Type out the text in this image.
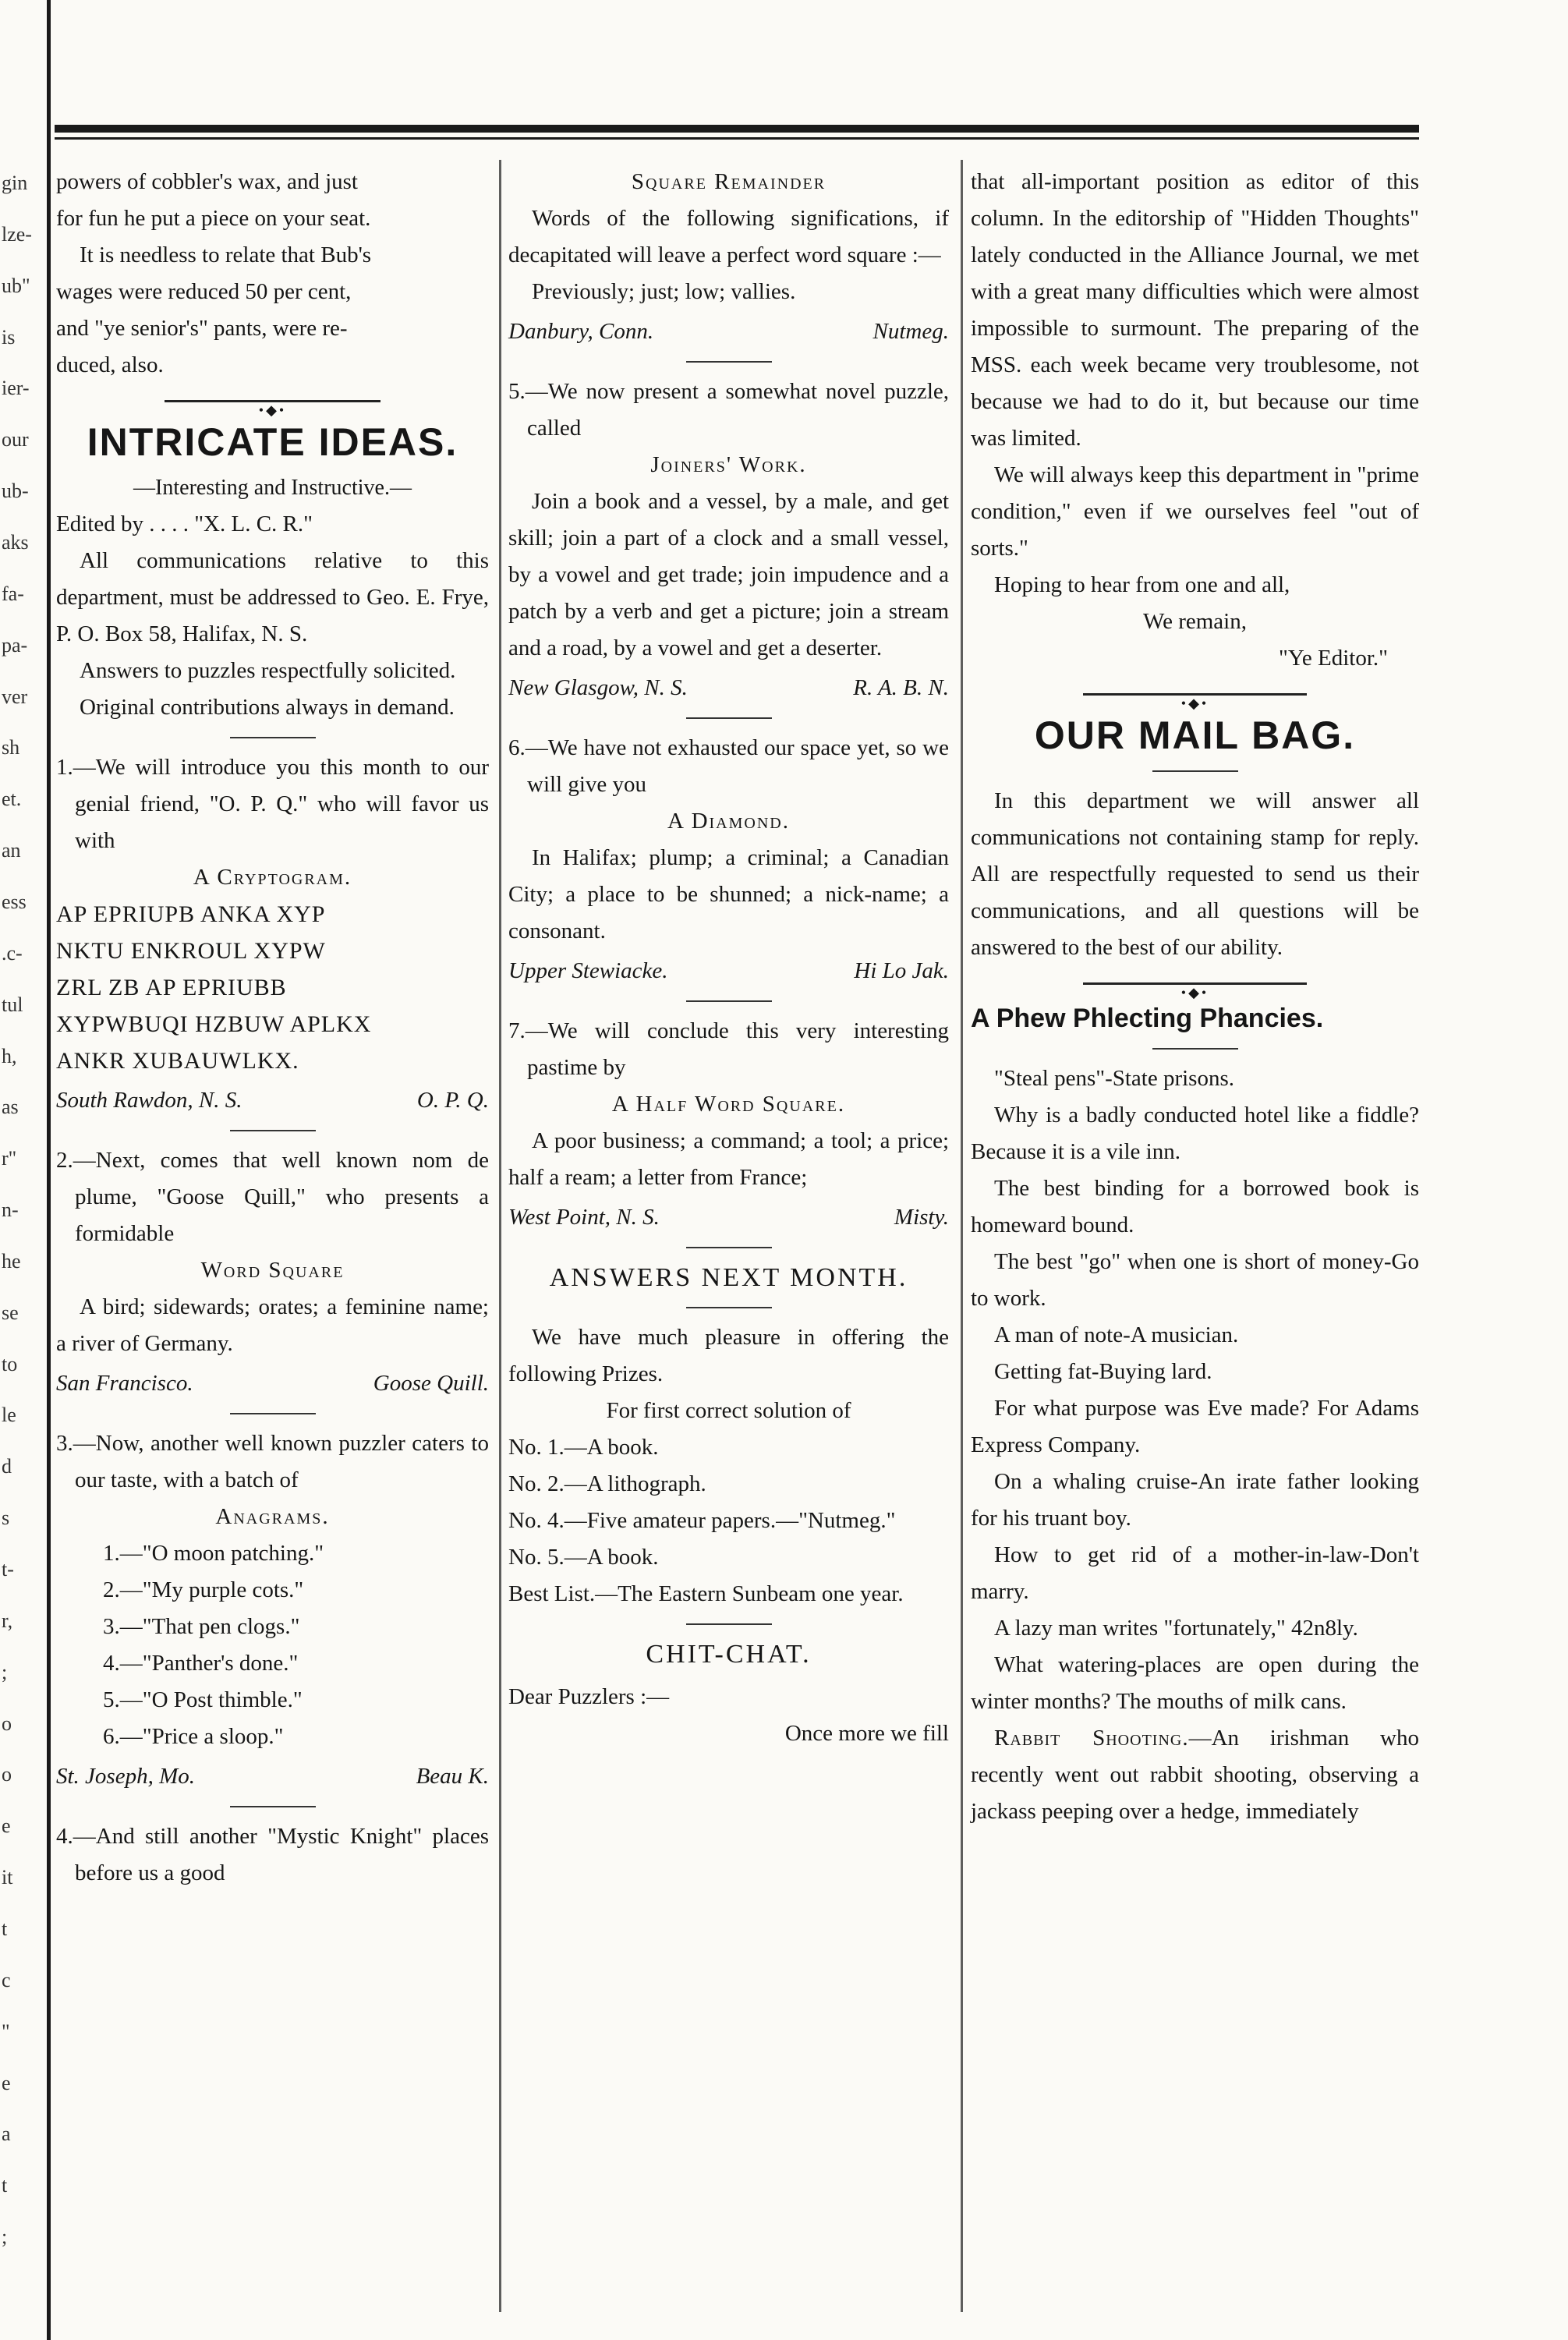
gin
lze-
ub"
is
ier-
our
ub-
aks
fa-
pa-
ver
sh
et.
an
ess
.c-
tul
h,
as
r"
n-
he
se
to
le
d
s
t-
r,
;
o
o
e
it
t
c
"
e
a
t
;

powers of cobbler's wax, and just

for fun he put a piece on your seat.

It is needless to relate that Bub's

wages were reduced 50 per cent,

and "ye senior's" pants, were re-

duced, also.

•◆•
INTRICATE IDEAS.

—Interesting and Instructive.—

Edited by . . . . "X. L. C. R."

All communications relative to this department, must be addressed to Geo. E. Frye, P. O. Box 58, Halifax, N. S.

Answers to puzzles respectfully solicited.

Original contributions always in demand.

1.—We will introduce you this month to our genial friend, "O. P. Q." who will favor us with

A Cryptogram.

AP EPRIUPB ANKA XYP

NKTU ENKROUL XYPW

ZRL ZB AP EPRIUBB

XYPWBUQI HZBUW APLKX

ANKR XUBAUWLKX.

South Rawdon, N. S.	O. P. Q.

2.—Next, comes that well known nom de plume, "Goose Quill," who presents a formidable

Word Square

A bird; sidewards; orates; a feminine name; a river of Germany.

San Francisco.	Goose Quill.

3.—Now, another well known puzzler caters to our taste, with a batch of

Anagrams.

1.—"O moon patching."

2.—"My purple cots."

3.—"That pen clogs."

4.—"Panther's done."

5.—"O Post thimble."

6.—"Price a sloop."

St. Joseph, Mo.	Beau K.

4.—And still another "Mystic Knight" places before us a good

Square Remainder

Words of the following significations, if decapitated will leave a perfect word square :—

Previously; just; low; vallies.

Danbury, Conn.	Nutmeg.

5.—We now present a somewhat novel puzzle, called

Joiners' Work.

Join a book and a vessel, by a male, and get skill; join a part of a clock and a small vessel, by a vowel and get trade; join impudence and a patch by a verb and get a picture; join a stream and a road, by a vowel and get a deserter.

New Glasgow, N. S.	R. A. B. N.

6.—We have not exhausted our space yet, so we will give you

A Diamond.

In Halifax; plump; a criminal; a Canadian City; a place to be shunned; a nick-name; a consonant.

Upper Stewiacke.	Hi Lo Jak.

7.—We will conclude this very interesting pastime by

A Half Word Square.

A poor business; a command; a tool; a price; half a ream; a letter from France;

West Point, N. S.	Misty.
ANSWERS NEXT MONTH.

We have much pleasure in offering the following Prizes.

For first correct solution of

No. 1.—A book.

No. 2.—A lithograph.

No. 4.—Five amateur papers.—"Nutmeg."

No. 5.—A book.

Best List.—The Eastern Sunbeam one year.

CHIT-CHAT.

Dear Puzzlers :—

Once more we fill

that all-important position as editor of this column. In the editorship of "Hidden Thoughts" lately conducted in the Alliance Journal, we met with a great many difficulties which were almost impossible to surmount. The preparing of the MSS. each week became very troublesome, not because we had to do it, but because our time was limited.

We will always keep this department in "prime condition," even if we ourselves feel "out of sorts."

Hoping to hear from one and all,

We remain,

"Ye Editor."

•◆•
OUR MAIL BAG.

In this department we will answer all communications not containing stamp for reply. All are respectfully requested to send us their communications, and all questions will be answered to the best of our ability.

•◆•
A Phew Phlecting Phancies.

"Steal pens"-State prisons.

Why is a badly conducted hotel like a fiddle? Because it is a vile inn.

The best binding for a borrowed book is homeward bound.

The best "go" when one is short of money-Go to work.

A man of note-A musician.

Getting fat-Buying lard.

For what purpose was Eve made? For Adams Express Company.

On a whaling cruise-An irate father looking for his truant boy.

How to get rid of a mother-in-law-Don't marry.

A lazy man writes "fortunately," 42n8ly.

What watering-places are open during the winter months? The mouths of milk cans.

Rabbit Shooting.—An irishman who recently went out rabbit shooting, observing a jackass peeping over a hedge, immediately
